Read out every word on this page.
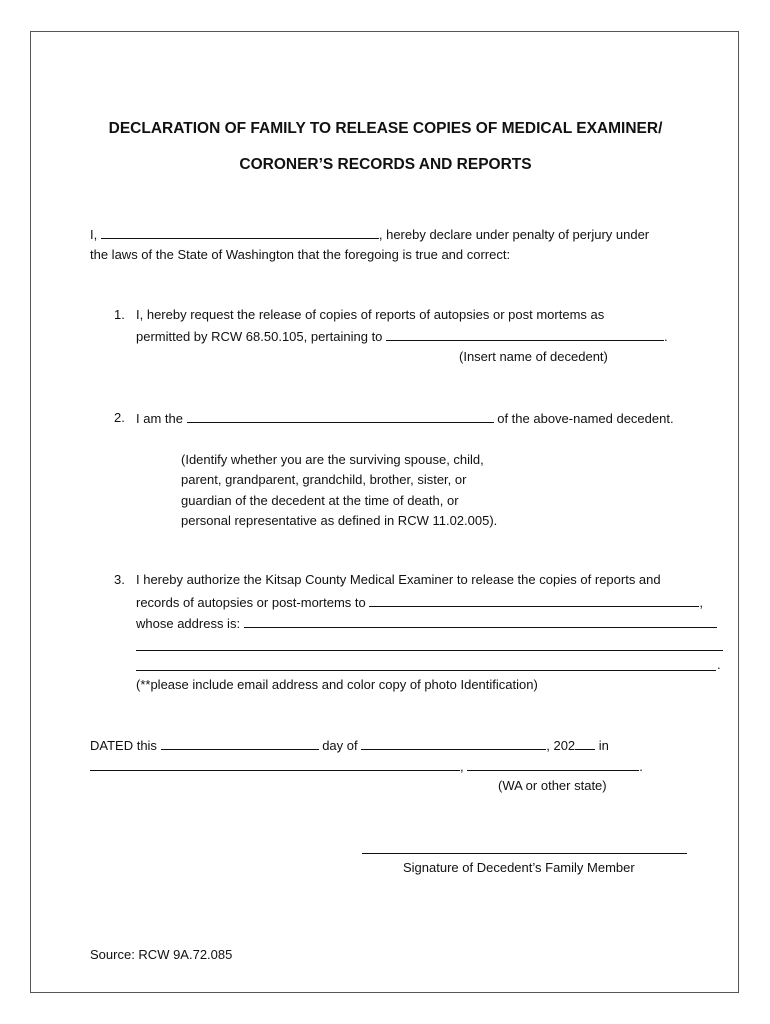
DECLARATION OF FAMILY TO RELEASE COPIES OF MEDICAL EXAMINER/
CORONER’S RECORDS AND REPORTS
I,	, hereby declare under penalty of perjury under
the laws of the State of Washington that the foregoing is true and correct:
1. I, hereby request the release of copies of reports of autopsies or post mortems as
permitted by RCW 68.50.105, pertaining to	.
(Insert name of decedent)
2. I am the	of the above-named decedent.
(Identify whether you are the surviving spouse, child,
parent, grandparent, grandchild, brother, sister, or
guardian of the decedent at the time of death, or
personal representative as defined in RCW 11.02.005).
3. I hereby authorize the Kitsap County Medical Examiner to release the copies of reports and
records of autopsies or post-mortems to	,
whose address is:
.
(**please include email address and color copy of photo Identification)
DATED this	day of	, 202 in
,	.
(WA or other state)
Signature of Decedent’s Family Member
Source: RCW 9A.72.085
